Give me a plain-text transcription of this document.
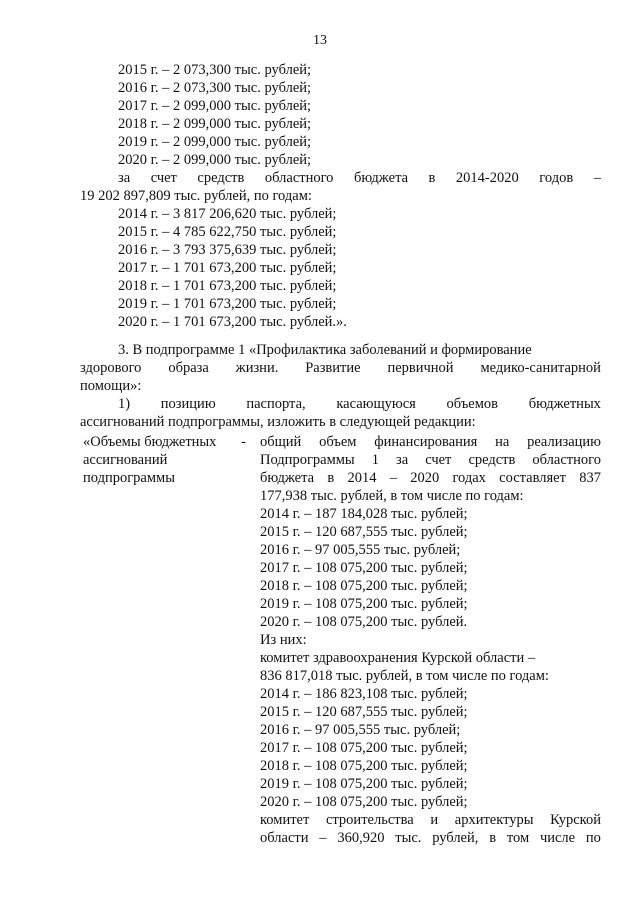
13
2015 г. – 2 073,300 тыс. рублей;
2016 г. – 2 073,300 тыс. рублей;
2017 г. – 2 099,000 тыс. рублей;
2018 г. – 2 099,000 тыс. рублей;
2019 г. – 2 099,000 тыс. рублей;
2020 г. – 2 099,000 тыс. рублей;
за счет средств областного бюджета в 2014-2020 годов –
19 202 897,809 тыс. рублей, по годам:
2014 г. – 3 817 206,620 тыс. рублей;
2015 г. – 4 785 622,750 тыс. рублей;
2016 г. – 3 793 375,639 тыс. рублей;
2017 г. – 1 701 673,200 тыс. рублей;
2018 г. – 1 701 673,200 тыс. рублей;
2019 г. – 1 701 673,200 тыс. рублей;
2020 г. – 1 701 673,200 тыс. рублей.».
3. В подпрограмме 1 «Профилактика заболеваний и формирование
здорового образа жизни. Развитие первичной медико-санитарной
помощи»:
1) позицию паспорта, касающуюся объемов бюджетных
ассигнований подпрограммы, изложить в следующей редакции:
«Объемы бюджетных
ассигнований
подпрограммы
- общий объем финансирования на реализацию
Подпрограммы 1 за счет средств областного
бюджета в 2014 – 2020 годах составляет 837
177,938 тыс. рублей, в том числе по годам:
2014 г. – 187 184,028 тыс. рублей;
2015 г. – 120 687,555 тыс. рублей;
2016 г. – 97 005,555 тыс. рублей;
2017 г. – 108 075,200 тыс. рублей;
2018 г. – 108 075,200 тыс. рублей;
2019 г. – 108 075,200 тыс. рублей;
2020 г. – 108 075,200 тыс. рублей.
Из них:
комитет здравоохранения Курской области –
836 817,018 тыс. рублей, в том числе по годам:
2014 г. – 186 823,108 тыс. рублей;
2015 г. – 120 687,555 тыс. рублей;
2016 г. – 97 005,555 тыс. рублей;
2017 г. – 108 075,200 тыс. рублей;
2018 г. – 108 075,200 тыс. рублей;
2019 г. – 108 075,200 тыс. рублей;
2020 г. – 108 075,200 тыс. рублей;
комитет строительства и архитектуры Курской
области – 360,920 тыс. рублей, в том числе по
